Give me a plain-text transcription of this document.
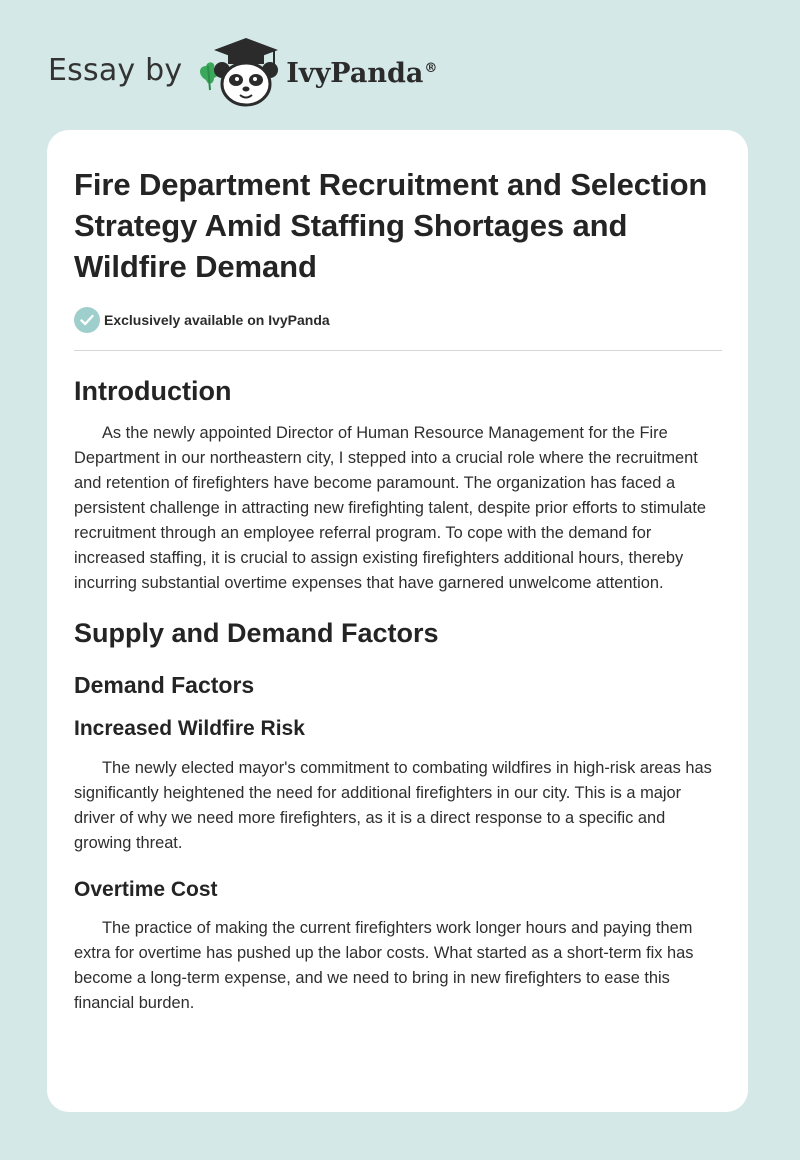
Essay by	IvyPanda®
Fire Department Recruitment and Selection Strategy Amid Staffing Shortages and Wildfire Demand
Exclusively available on IvyPanda
Introduction

As the newly appointed Director of Human Resource Management for the Fire Department in our northeastern city, I stepped into a crucial role where the recruitment and retention of firefighters have become paramount. The organization has faced a persistent challenge in attracting new firefighting talent, despite prior efforts to stimulate recruitment through an employee referral program. To cope with the demand for increased staffing, it is crucial to assign existing firefighters additional hours, thereby incurring substantial overtime expenses that have garnered unwelcome attention.

Supply and Demand Factors
Demand Factors
Increased Wildfire Risk

The newly elected mayor's commitment to combating wildfires in high-risk areas has significantly heightened the need for additional firefighters in our city. This is a major driver of why we need more firefighters, as it is a direct response to a specific and growing threat.

Overtime Cost

The practice of making the current firefighters work longer hours and paying them extra for overtime has pushed up the labor costs. What started as a short-term fix has become a long-term expense, and we need to bring in new firefighters to ease this financial burden.
